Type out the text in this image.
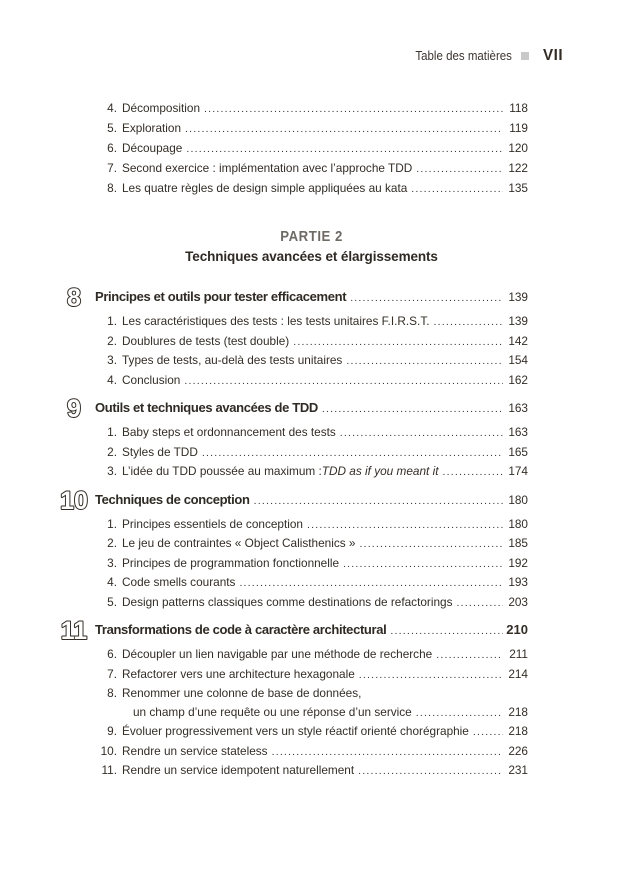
Table des matières VII
4. Décomposition .....	118
5. Exploration .....	119
6. Découpage .....	120
7. Second exercice : implémentation avec l’approche TDD .....	122
8. Les quatre règles de design simple appliquées au kata .....	135
PARTIE 2
Techniques avancées et élargissements
8 Principes et outils pour tester efficacement .....	139
1. Les caractéristiques des tests : les tests unitaires F.I.R.S.T. .....	139
2. Doublures de tests (test double) .....	142
3. Types de tests, au-delà des tests unitaires .....	154
4. Conclusion .....	162
9 Outils et techniques avancées de TDD .....	163
1. Baby steps et ordonnancement des tests .....	163
2. Styles de TDD .....	165
3. L’idée du TDD poussée au maximum : TDD as if you meant it .....	174
10 Techniques de conception .....	180
1. Principes essentiels de conception .....	180
2. Le jeu de contraintes « Object Calisthenics » .....	185
3. Principes de programmation fonctionnelle .....	192
4. Code smells courants .....	193
5. Design patterns classiques comme destinations de refactorings .....	203
11 Transformations de code à caractère architectural .....	210
6. Découpler un lien navigable par une méthode de recherche .....	211
7. Refactorer vers une architecture hexagonale .....	214
8. Renommer une colonne de base de données,
un champ d’une requête ou une réponse d’un service .....	218
9. Évoluer progressivement vers un style réactif orienté chorégraphie .....	218
10. Rendre un service stateless .....	226
11. Rendre un service idempotent naturellement .....	231
